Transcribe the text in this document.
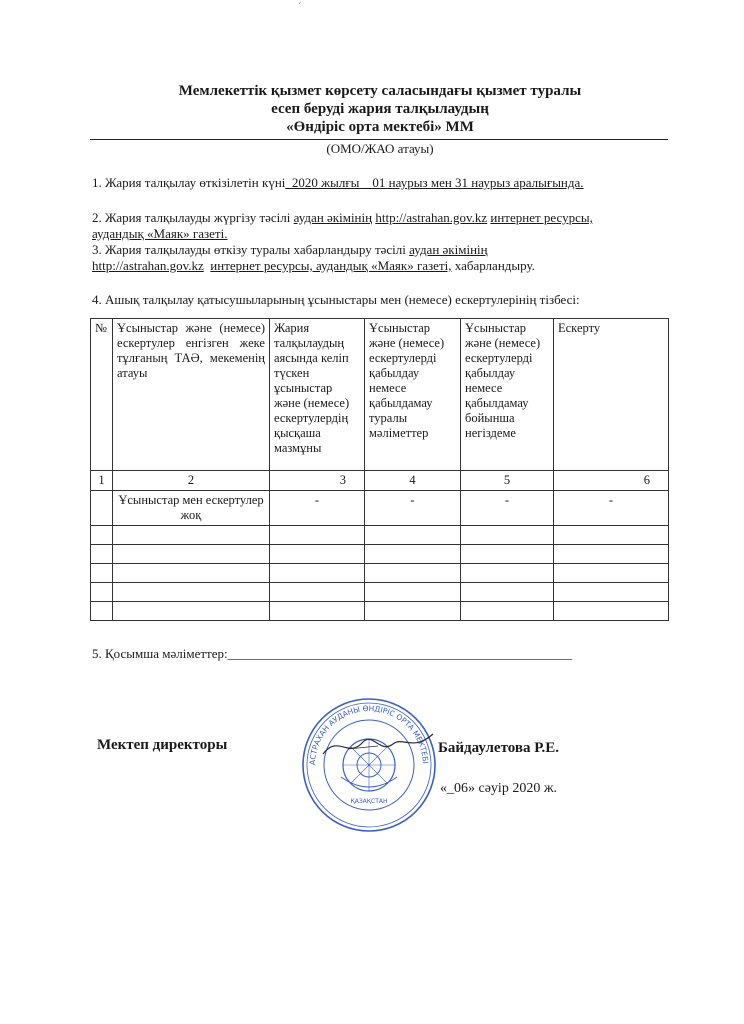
´
Мемлекеттік қызмет көрсету саласындағы қызмет туралы
есеп беруді жария талқылаудың
«Өндіріс орта мектебі» ММ
(ОМО/ЖАО атауы)
1. Жария талқылау өткізілетін күні_2020 жылғы _ 01 наурыз мен 31 наурыз аралығында.
2. Жария талқылауды жүргізу тәсілі аудан әкімінің http://astrahan.gov.kz интернет ресурсы,
аудандық «Маяк» газеті.
3. Жария талқылауды өткізу туралы хабарландыру тәсілі аудан әкімінің
http://astrahan.gov.kz интернет ресурсы, аудандық «Маяк» газеті, хабарландыру.
4. Ашық талқылау қатысушыларының ұсыныстары мен (немесе) ескертулерінің тізбесі:
№	Ұсыныстар және (немесе) ескертулер енгізген жеке тұлғаның ТАӘ, мекеменің атауы	Жария талқылаудың аясында келіп түскен ұсыныстар және (немесе) ескертулердің қысқаша мазмұны	Ұсыныстар және (немесе) ескертулерді қабылдау немесе қабылдамау туралы мәліметтер	Ұсыныстар және (немесе) ескертулерді қабылдау немесе қабылдамау бойынша негіздеме	Ескерту
1	2	3	4	5	6
	Ұсыныстар мен ескертулер жоқ	-	-	-	-

5. Қосымша мәліметтер:_____________________________________________________
АСТРАХАН АУДАНЫ ӨНДІРІС ОРТА МЕКТЕБІ
ҚАЗАҚСТАН
Мектеп директоры	Байдаулетова Р.Е.
«_06» сәуір 2020 ж.
